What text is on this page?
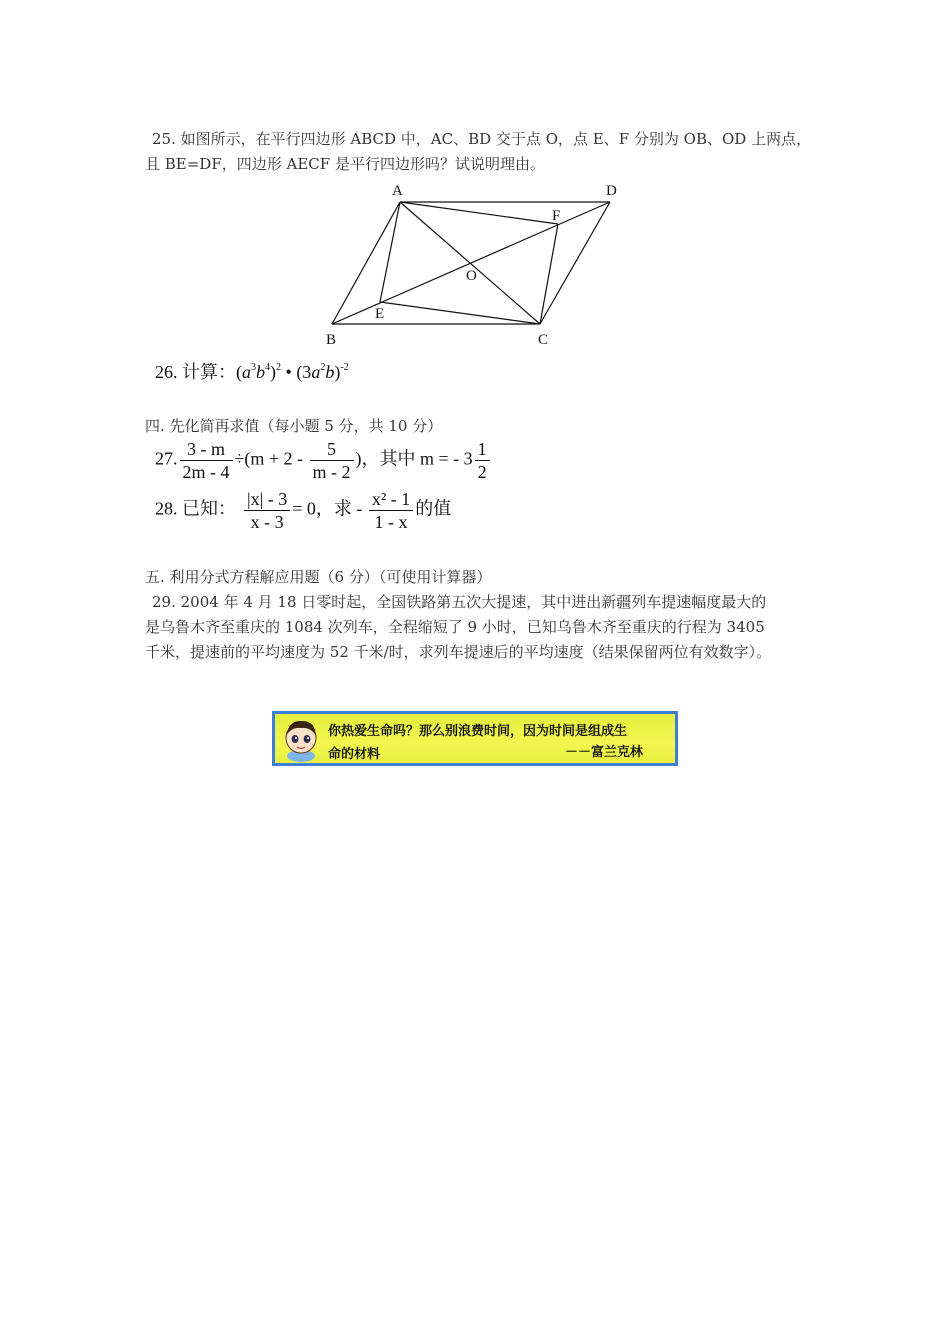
25. 如图所示，在平行四边形 ABCD 中，AC、BD 交于点 O，点 E、F 分别为 OB、OD 上两点，
且 BE=DF，四边形 AECF 是平行四边形吗？试说明理由。
A	D
F
O
E
B	C
26. 计算：$(a^3b^4)^2$ • $(3a^2b)^{-2}$
四. 先化简再求值（每小题 5 分，共 10 分）
27. $\frac{3 - m}{2m - 4} \div(m + 2 - \frac{5}{m - 2}$ )，其中 m = - $3 \frac{1}{2}$
28. 已知： $\frac{|x| - 3}{x - 3} = 0$，求 - $\frac{\text{x² - 1}}{1 - x}$ 的值
五. 利用分式方程解应用题（6 分）（可使用计算器）
29. 2004 年 4 月 18 日零时起，全国铁路第五次大提速，其中进出新疆列车提速幅度最大的
是乌鲁木齐至重庆的 1084 次列车，全程缩短了 9 小时，已知乌鲁木齐至重庆的行程为 3405
千米，提速前的平均速度为 52 千米/时，求列车提速后的平均速度（结果保留两位有效数字）。
你热爱生命吗？那么别浪费时间，因为时间是组成生
命的材料	－－富兰克林
